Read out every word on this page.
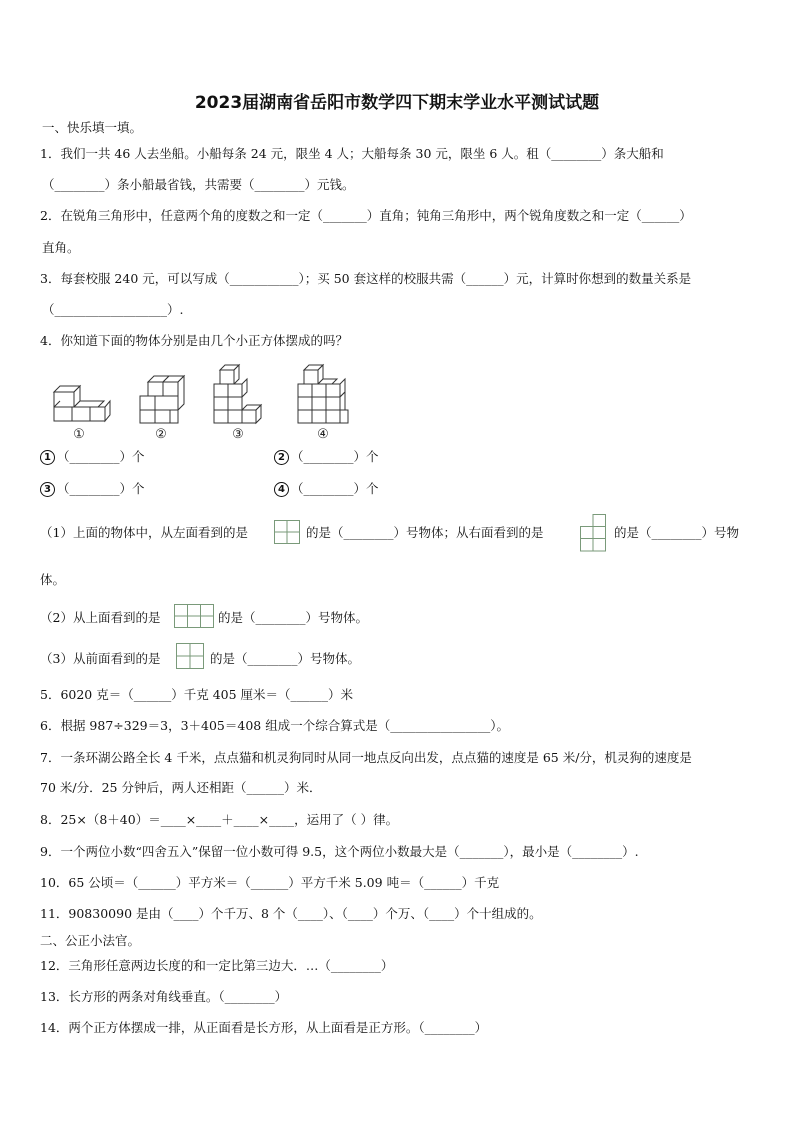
2023届湖南省岳阳市数学四下期末学业水平测试试题
一、快乐填一填。
1．我们一共 46 人去坐船。小船每条 24 元，限坐 4 人；大船每条 30 元，限坐 6 人。租（________）条大船和
（________）条小船最省钱，共需要（________）元钱。
2．在锐角三角形中，任意两个角的度数之和一定（_______）直角；钝角三角形中，两个锐角度数之和一定（______）
直角。
3．每套校服 240 元，可以写成（___________）；买 50 套这样的校服共需（______）元，计算时你想到的数量关系是
（__________________）.
4．你知道下面的物体分别是由几个小正方体摆成的吗？
①	②	③	④
1 （________）个	2 （________）个
3 （________）个	4 （________）个
（1）上面的物体中，从左面看到的是	的是（________）号物体；从右面看到的是	的是（________）号物
体。
（2）从上面看到的是	的是（________）号物体。
（3）从前面看到的是	的是（________）号物体。
5．6020 克＝（______）千克 405 厘米＝（______）米
6．根据 987÷329＝3，3＋405＝408 组成一个综合算式是（________________）。
7．一条环湖公路全长 4 千米，点点猫和机灵狗同时从同一地点反向出发，点点猫的速度是 65 米/分，机灵狗的速度是
70 米/分．25 分钟后，两人还相距（______）米．
8．25×（8＋40）＝____×____＋____×____，运用了（ ）律。
9．一个两位小数“四舍五入”保留一位小数可得 9.5，这个两位小数最大是（_______），最小是（________）.
10．65 公顷＝（______）平方米＝（______）平方千米 5.09 吨＝（______）千克
11．90830090 是由（____）个千万、8 个（____）、（____）个万、（____）个十组成的。
二、公正小法官。
12．三角形任意两边长度的和一定比第三边大．…（________）
13．长方形的两条对角线垂直。（________）
14．两个正方体摆成一排，从正面看是长方形，从上面看是正方形。（________）
